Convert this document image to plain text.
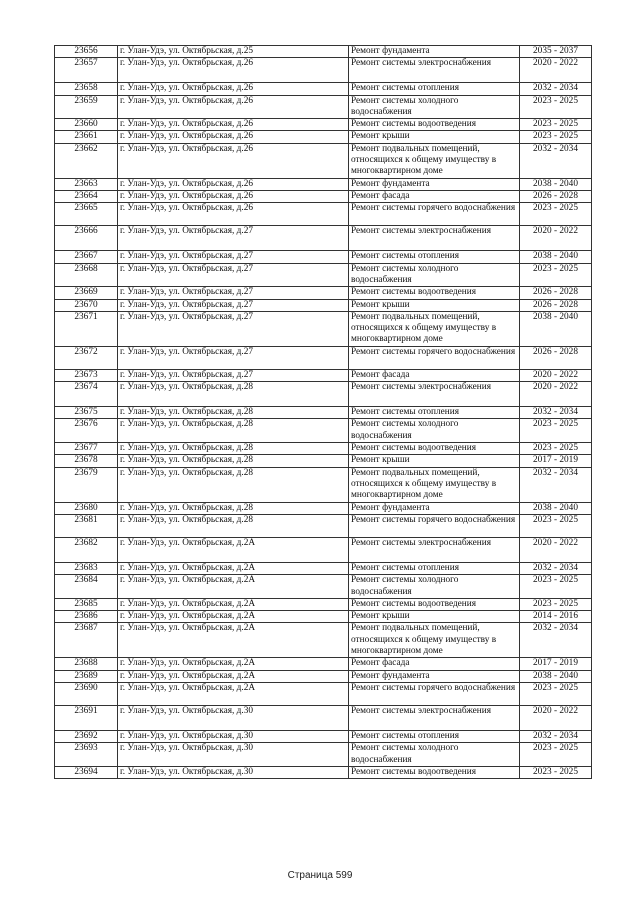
23656	г. Улан-Удэ, ул. Октябрьская, д.25	Ремонт фундамента	2035 - 2037
23657	г. Улан-Удэ, ул. Октябрьская, д.26	Ремонт системы электроснабжения	2020 - 2022
23658	г. Улан-Удэ, ул. Октябрьская, д.26	Ремонт системы отопления	2032 - 2034
23659	г. Улан-Удэ, ул. Октябрьская, д.26	Ремонт системы холодного водоснабжения	2023 - 2025
23660	г. Улан-Удэ, ул. Октябрьская, д.26	Ремонт системы водоотведения	2023 - 2025
23661	г. Улан-Удэ, ул. Октябрьская, д.26	Ремонт крыши	2023 - 2025
23662	г. Улан-Удэ, ул. Октябрьская, д.26	Ремонт подвальных помещений, относящихся к общему имуществу в многоквартирном доме	2032 - 2034
23663	г. Улан-Удэ, ул. Октябрьская, д.26	Ремонт фундамента	2038 - 2040
23664	г. Улан-Удэ, ул. Октябрьская, д.26	Ремонт фасада	2026 - 2028
23665	г. Улан-Удэ, ул. Октябрьская, д.26	Ремонт системы горячего водоснабжения	2023 - 2025
23666	г. Улан-Удэ, ул. Октябрьская, д.27	Ремонт системы электроснабжения	2020 - 2022
23667	г. Улан-Удэ, ул. Октябрьская, д.27	Ремонт системы отопления	2038 - 2040
23668	г. Улан-Удэ, ул. Октябрьская, д.27	Ремонт системы холодного водоснабжения	2023 - 2025
23669	г. Улан-Удэ, ул. Октябрьская, д.27	Ремонт системы водоотведения	2026 - 2028
23670	г. Улан-Удэ, ул. Октябрьская, д.27	Ремонт крыши	2026 - 2028
23671	г. Улан-Удэ, ул. Октябрьская, д.27	Ремонт подвальных помещений, относящихся к общему имуществу в многоквартирном доме	2038 - 2040
23672	г. Улан-Удэ, ул. Октябрьская, д.27	Ремонт системы горячего водоснабжения	2026 - 2028
23673	г. Улан-Удэ, ул. Октябрьская, д.27	Ремонт фасада	2020 - 2022
23674	г. Улан-Удэ, ул. Октябрьская, д.28	Ремонт системы электроснабжения	2020 - 2022
23675	г. Улан-Удэ, ул. Октябрьская, д.28	Ремонт системы отопления	2032 - 2034
23676	г. Улан-Удэ, ул. Октябрьская, д.28	Ремонт системы холодного водоснабжения	2023 - 2025
23677	г. Улан-Удэ, ул. Октябрьская, д.28	Ремонт системы водоотведения	2023 - 2025
23678	г. Улан-Удэ, ул. Октябрьская, д.28	Ремонт крыши	2017 - 2019
23679	г. Улан-Удэ, ул. Октябрьская, д.28	Ремонт подвальных помещений, относящихся к общему имуществу в многоквартирном доме	2032 - 2034
23680	г. Улан-Удэ, ул. Октябрьская, д.28	Ремонт фундамента	2038 - 2040
23681	г. Улан-Удэ, ул. Октябрьская, д.28	Ремонт системы горячего водоснабжения	2023 - 2025
23682	г. Улан-Удэ, ул. Октябрьская, д.2А	Ремонт системы электроснабжения	2020 - 2022
23683	г. Улан-Удэ, ул. Октябрьская, д.2А	Ремонт системы отопления	2032 - 2034
23684	г. Улан-Удэ, ул. Октябрьская, д.2А	Ремонт системы холодного водоснабжения	2023 - 2025
23685	г. Улан-Удэ, ул. Октябрьская, д.2А	Ремонт системы водоотведения	2023 - 2025
23686	г. Улан-Удэ, ул. Октябрьская, д.2А	Ремонт крыши	2014 - 2016
23687	г. Улан-Удэ, ул. Октябрьская, д.2А	Ремонт подвальных помещений, относящихся к общему имуществу в многоквартирном доме	2032 - 2034
23688	г. Улан-Удэ, ул. Октябрьская, д.2А	Ремонт фасада	2017 - 2019
23689	г. Улан-Удэ, ул. Октябрьская, д.2А	Ремонт фундамента	2038 - 2040
23690	г. Улан-Удэ, ул. Октябрьская, д.2А	Ремонт системы горячего водоснабжения	2023 - 2025
23691	г. Улан-Удэ, ул. Октябрьская, д.30	Ремонт системы электроснабжения	2020 - 2022
23692	г. Улан-Удэ, ул. Октябрьская, д.30	Ремонт системы отопления	2032 - 2034
23693	г. Улан-Удэ, ул. Октябрьская, д.30	Ремонт системы холодного водоснабжения	2023 - 2025
23694	г. Улан-Удэ, ул. Октябрьская, д.30	Ремонт системы водоотведения	2023 - 2025
Страница 599
